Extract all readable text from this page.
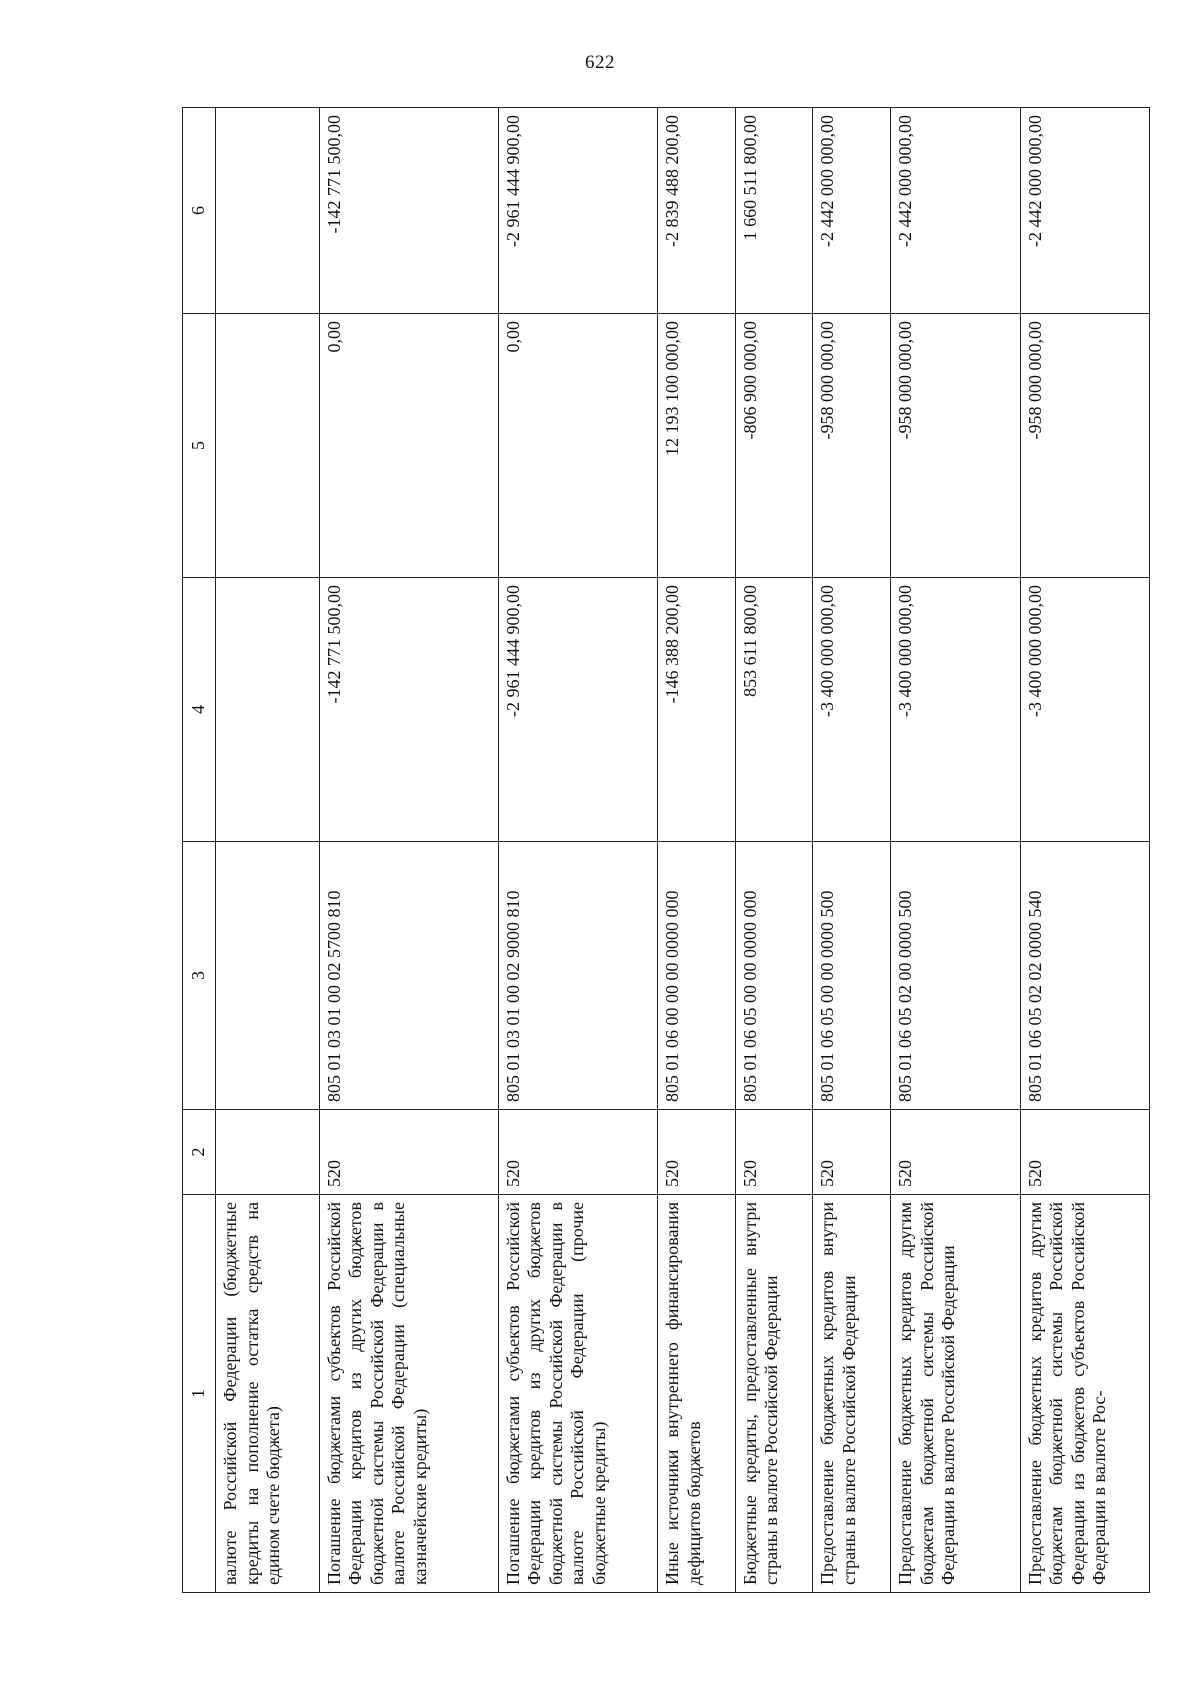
622
1	2	3	4	5	6
валюте Российской Федерации (бюджетные кредиты на пополнение остатка средств на едином счете бюджета)					
Погашение бюджетами субъектов Российской Федерации кредитов из других бюджетов бюджетной системы Российской Федерации в валюте Российской Федерации (специальные казначейские кредиты)	520	805 01 03 01 00 02 5700 810	-142 771 500,00	0,00	-142 771 500,00
Погашение бюджетами субъектов Российской Федерации кредитов из других бюджетов бюджетной системы Российской Федерации в валюте Российской Федерации (прочие бюджетные кредиты)	520	805 01 03 01 00 02 9000 810	-2 961 444 900,00	0,00	-2 961 444 900,00
Иные источники внутреннего финансирования дефицитов бюджетов	520	805 01 06 00 00 00 0000 000	-146 388 200,00	12 193 100 000,00	-2 839 488 200,00
Бюджетные кредиты, предоставленные внутри страны в валюте Российской Федерации	520	805 01 06 05 00 00 0000 000	853 611 800,00	-806 900 000,00	1 660 511 800,00
Предоставление бюджетных кредитов внутри страны в валюте Российской Федерации	520	805 01 06 05 00 00 0000 500	-3 400 000 000,00	-958 000 000,00	-2 442 000 000,00
Предоставление бюджетных кредитов другим бюджетам бюджетной системы Российской Федерации в валюте Российской Федерации	520	805 01 06 05 02 00 0000 500	-3 400 000 000,00	-958 000 000,00	-2 442 000 000,00
Предоставление бюджетных кредитов другим бюджетам бюджетной системы Российской Федерации из бюджетов субъектов Российской Федерации в валюте Рос-	520	805 01 06 05 02 02 0000 540	-3 400 000 000,00	-958 000 000,00	-2 442 000 000,00
